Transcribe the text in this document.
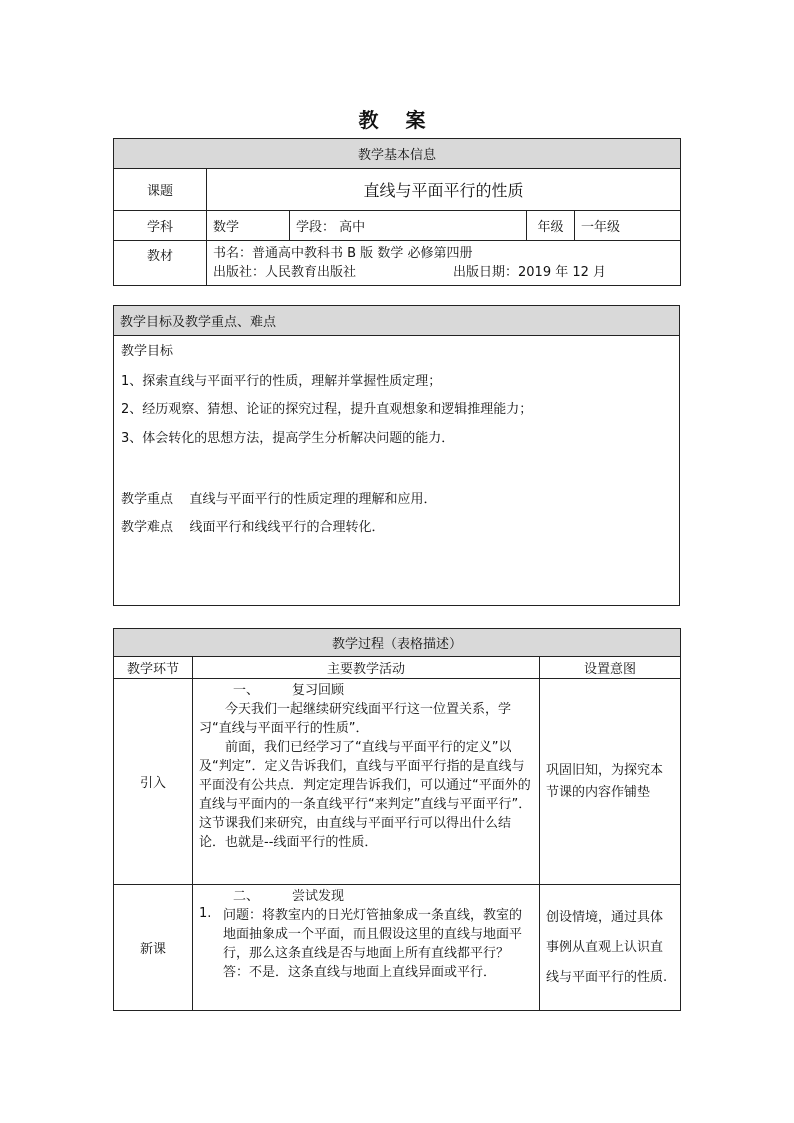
教 案
教学基本信息				
课题	直线与平面平行的性质			
学科	数学	学段： 高中	年级	一年级
教材	书名：普通高中教科书 B 版 数学 必修第四册
出版社：人民教育出版社 出版日期：2019 年 12 月			
教学目标及教学重点、难点

教学目标

1、探索直线与平面平行的性质，理解并掌握性质定理；

2、经历观察、猜想、论证的探究过程，提升直观想象和逻辑推理能力；

3、体会转化的思想方法，提高学生分析解决问题的能力．

教学重点    直线与平面平行的性质定理的理解和应用．

教学难点    线面平行和线线平行的合理转化．

教学过程（表格描述）		
教学环节	主要教学活动	设置意图
引入	一、        复习回顾

今天我们一起继续研究线面平行这一位置关系，学习“直线与平面平行的性质”．

前面，我们已经学习了“直线与平面平行的定义”以及“判定”．定义告诉我们，直线与平面平行指的是直线与平面没有公共点．判定定理告诉我们，可以通过“平面外的直线与平面内的一条直线平行“来判定”直线与平面平行”．这节课我们来研究，由直线与平面平行可以得出什么结论．也就是--线面平行的性质．	巩固旧知，为探究本节课的内容作铺垫
新课	二、        尝试发现

1. 问题：将教室内的日光灯管抽象成一条直线，教室的地面抽象成一个平面，而且假设这里的直线与地面平行，那么这条直线是否与地面上所有直线都平行？

答：不是．这条直线与地面上直线异面或平行．	创设情境，通过具体事例从直观上认识直线与平面平行的性质.
